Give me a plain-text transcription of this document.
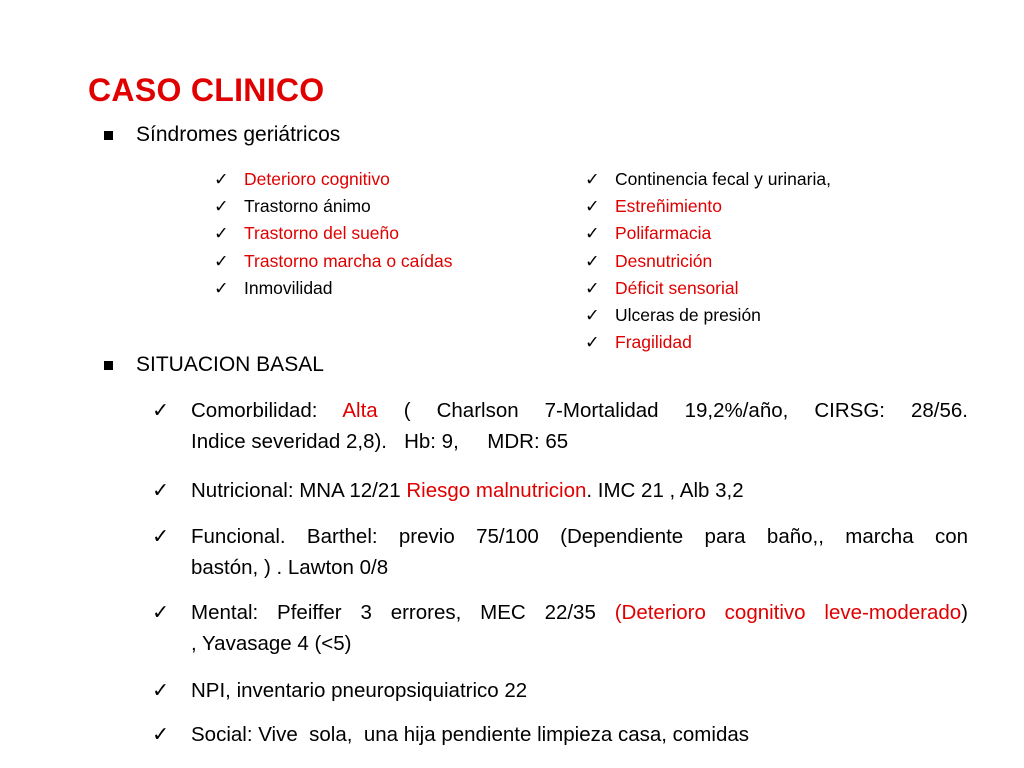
CASO CLINICO
Síndromes geriátricos
✓ Deterioro cognitivo
✓ Trastorno ánimo
✓ Trastorno del sueño
✓ Trastorno marcha o caídas
✓ Inmovilidad
✓ Continencia fecal y urinaria,
✓ Estreñimiento
✓ Polifarmacia
✓ Desnutrición
✓ Déficit sensorial
✓ Ulceras de presión
✓ Fragilidad
SITUACION BASAL
✓	Comorbilidad: Alta ( Charlson 7-Mortalidad 19,2%/año, CIRSG: 28/56.
Indice severidad 2,8).   Hb: 9,     MDR: 65
✓	Nutricional: MNA 12/21 Riesgo malnutricion. IMC 21 , Alb 3,2
✓	Funcional. Barthel: previo 75/100 (Dependiente para baño,, marcha con
bastón, ) . Lawton 0/8
✓	Mental: Pfeiffer 3 errores, MEC 22/35 (Deterioro cognitivo leve-moderado)
, Yavasage 4 (<5)
✓	NPI, inventario pneuropsiquiatrico 22
✓	Social: Vive  sola,  una hija pendiente limpieza casa, comidas
